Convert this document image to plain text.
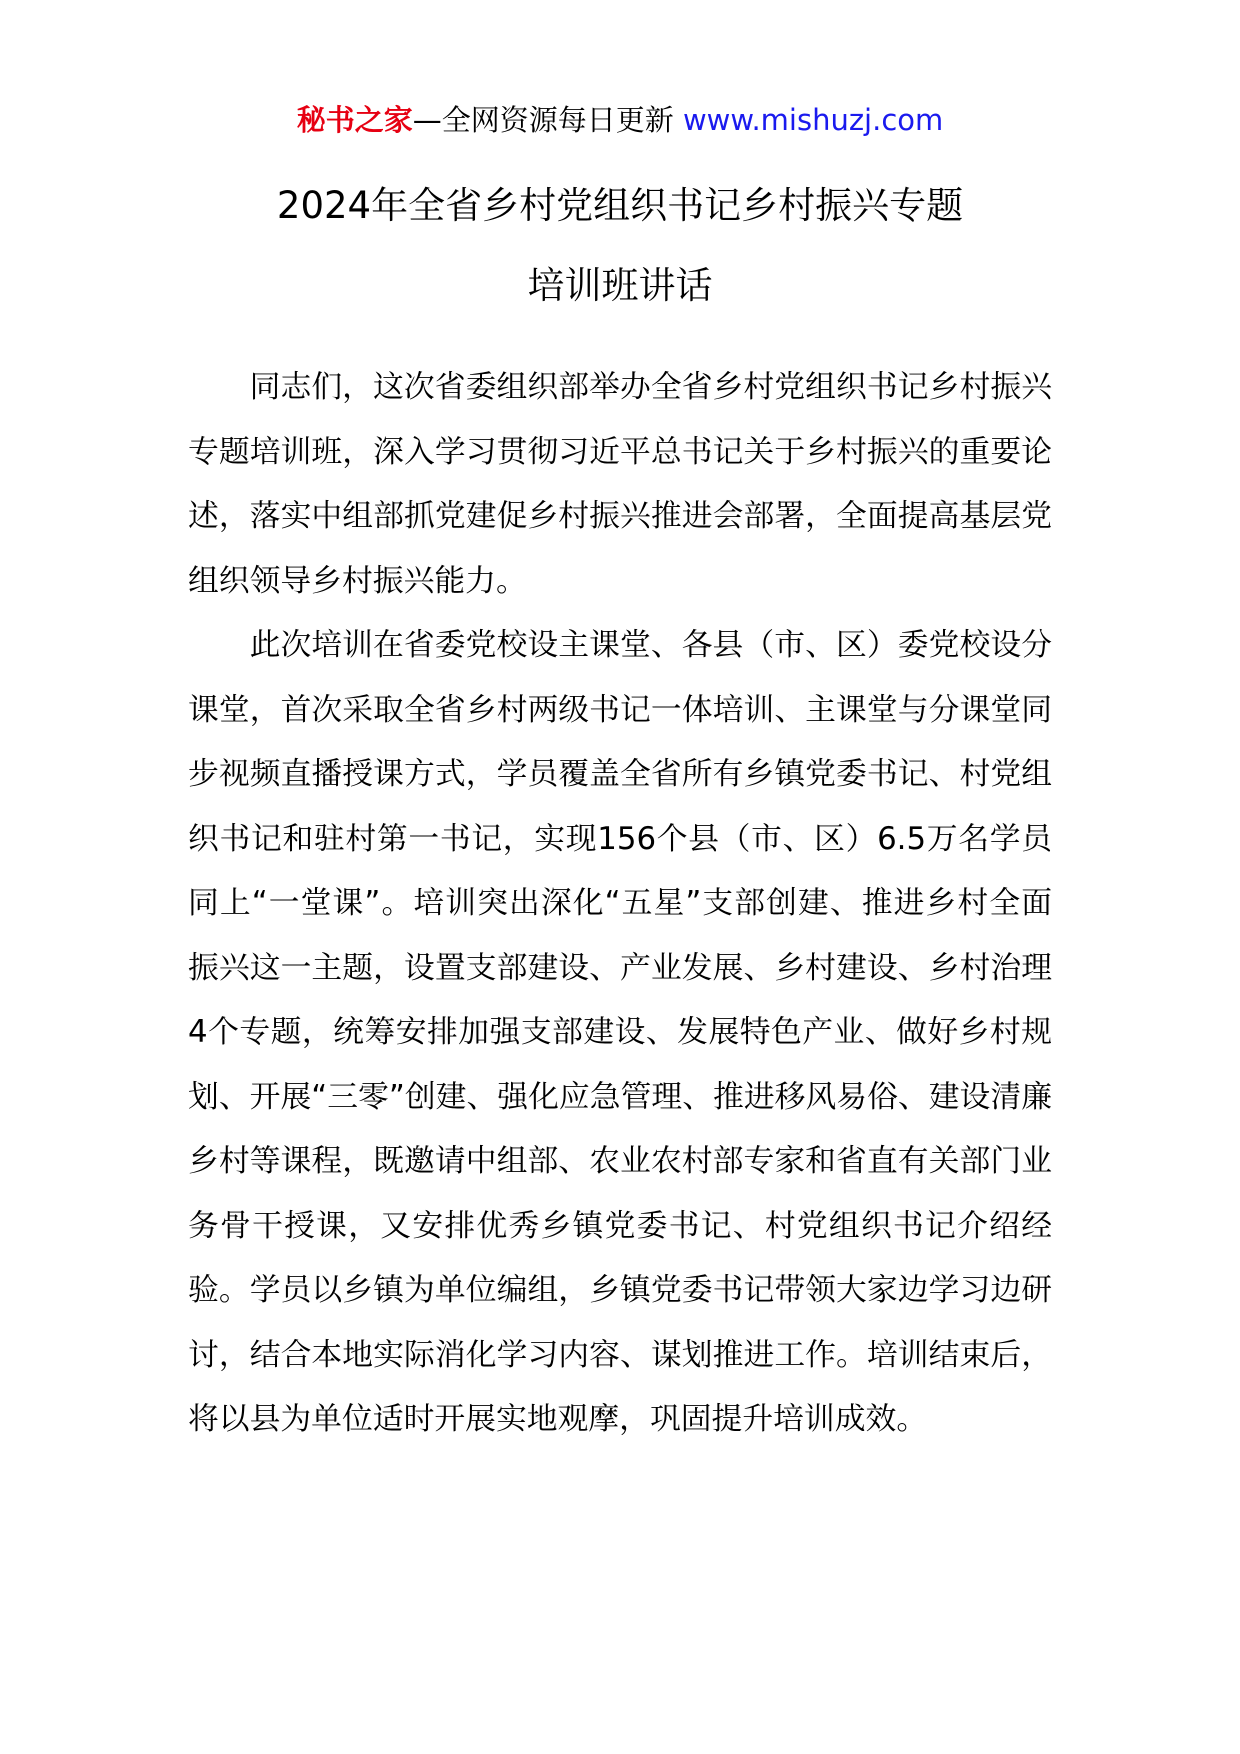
秘书之家—全网资源每日更新 www.mishuzj.com
2024年全省乡村党组织书记乡村振兴专题
培训班讲话

同志们，这次省委组织部举办全省乡村党组织书记乡村振兴专题培训班，深入学习贯彻习近平总书记关于乡村振兴的重要论述，落实中组部抓党建促乡村振兴推进会部署，全面提高基层党组织领导乡村振兴能力。

此次培训在省委党校设主课堂、各县（市、区）委党校设分课堂，首次采取全省乡村两级书记一体培训、主课堂与分课堂同步视频直播授课方式，学员覆盖全省所有乡镇党委书记、村党组织书记和驻村第一书记，实现156个县（市、区）6.5万名学员同上“一堂课”。培训突出深化“五星”支部创建、推进乡村全面振兴这一主题，设置支部建设、产业发展、乡村建设、乡村治理4个专题，统筹安排加强支部建设、发展特色产业、做好乡村规划、开展“三零”创建、强化应急管理、推进移风易俗、建设清廉乡村等课程，既邀请中组部、农业农村部专家和省直有关部门业务骨干授课，又安排优秀乡镇党委书记、村党组织书记介绍经验。学员以乡镇为单位编组，乡镇党委书记带领大家边学习边研讨，结合本地实际消化学习内容、谋划推进工作。培训结束后，将以县为单位适时开展实地观摩，巩固提升培训成效。
